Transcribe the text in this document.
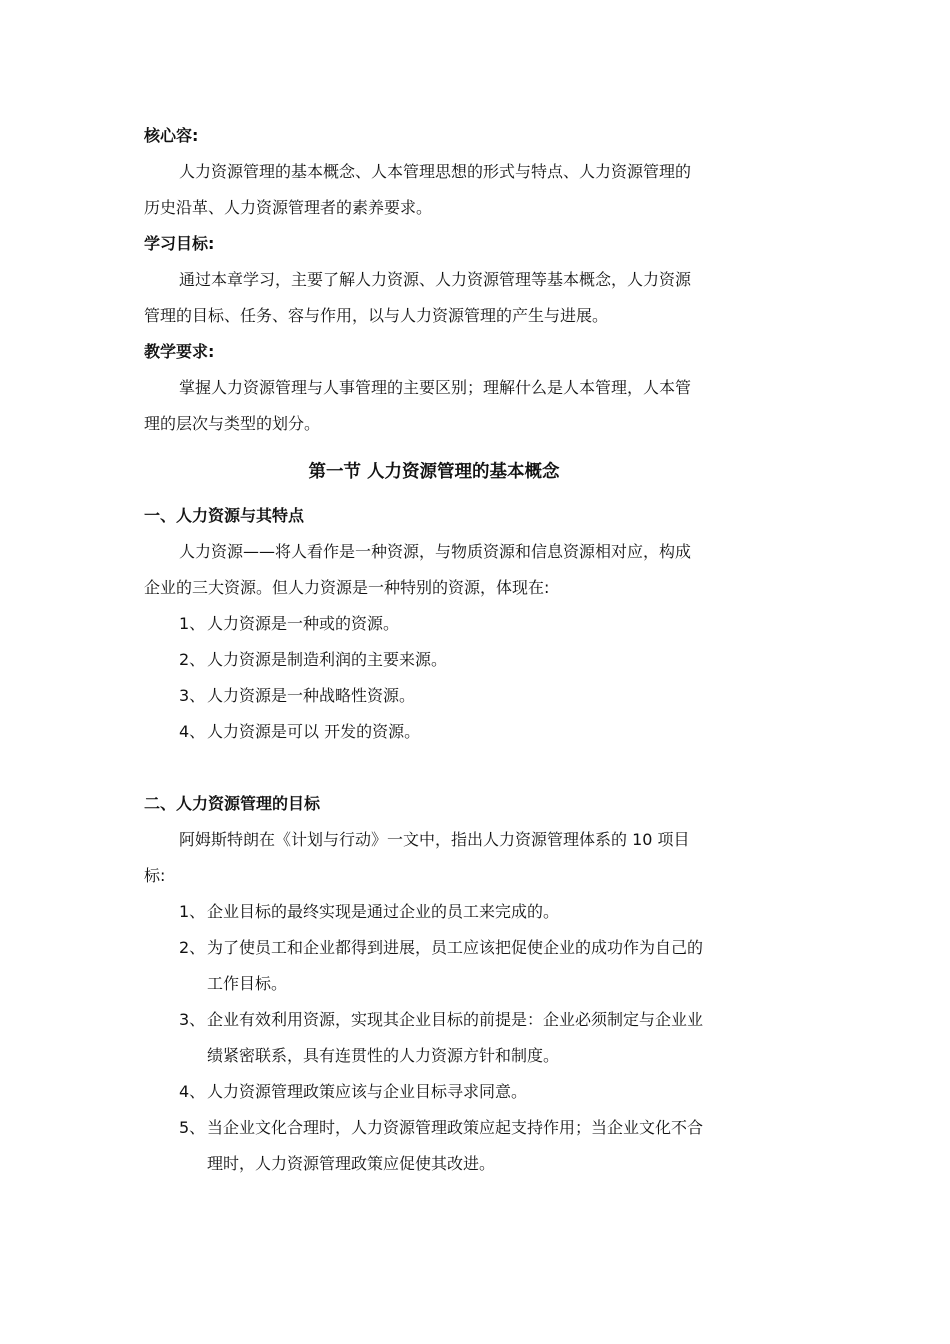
核心容:

人力资源管理的基本概念、人本管理思想的形式与特点、人力资源管理的历史沿革、人力资源管理者的素养要求。

学习目标:

通过本章学习，主要了解人力资源、人力资源管理等基本概念，人力资源管理的目标、任务、容与作用，以与人力资源管理的产生与进展。

教学要求:

掌握人力资源管理与人事管理的主要区别；理解什么是人本管理，人本管理的层次与类型的划分。

第一节 人力资源管理的基本概念

一、人力资源与其特点

人力资源——将人看作是一种资源，与物质资源和信息资源相对应，构成企业的三大资源。但人力资源是一种特别的资源，体现在:

1、 人力资源是一种或的资源。
2、 人力资源是制造利润的主要来源。
3、 人力资源是一种战略性资源。
4、 人力资源是可以 开发的资源。

二、人力资源管理的目标

阿姆斯特朗在《计划与行动》一文中，指出人力资源管理体系的 10 项目标:

1、 企业目标的最终实现是通过企业的员工来完成的。
2、 为了使员工和企业都得到进展，员工应该把促使企业的成功作为自己的工作目标。
3、 企业有效利用资源，实现其企业目标的前提是：企业必须制定与企业业绩紧密联系，具有连贯性的人力资源方针和制度。
4、 人力资源管理政策应该与企业目标寻求同意。
5、 当企业文化合理时，人力资源管理政策应起支持作用；当企业文化不合理时，人力资源管理政策应促使其改进。
